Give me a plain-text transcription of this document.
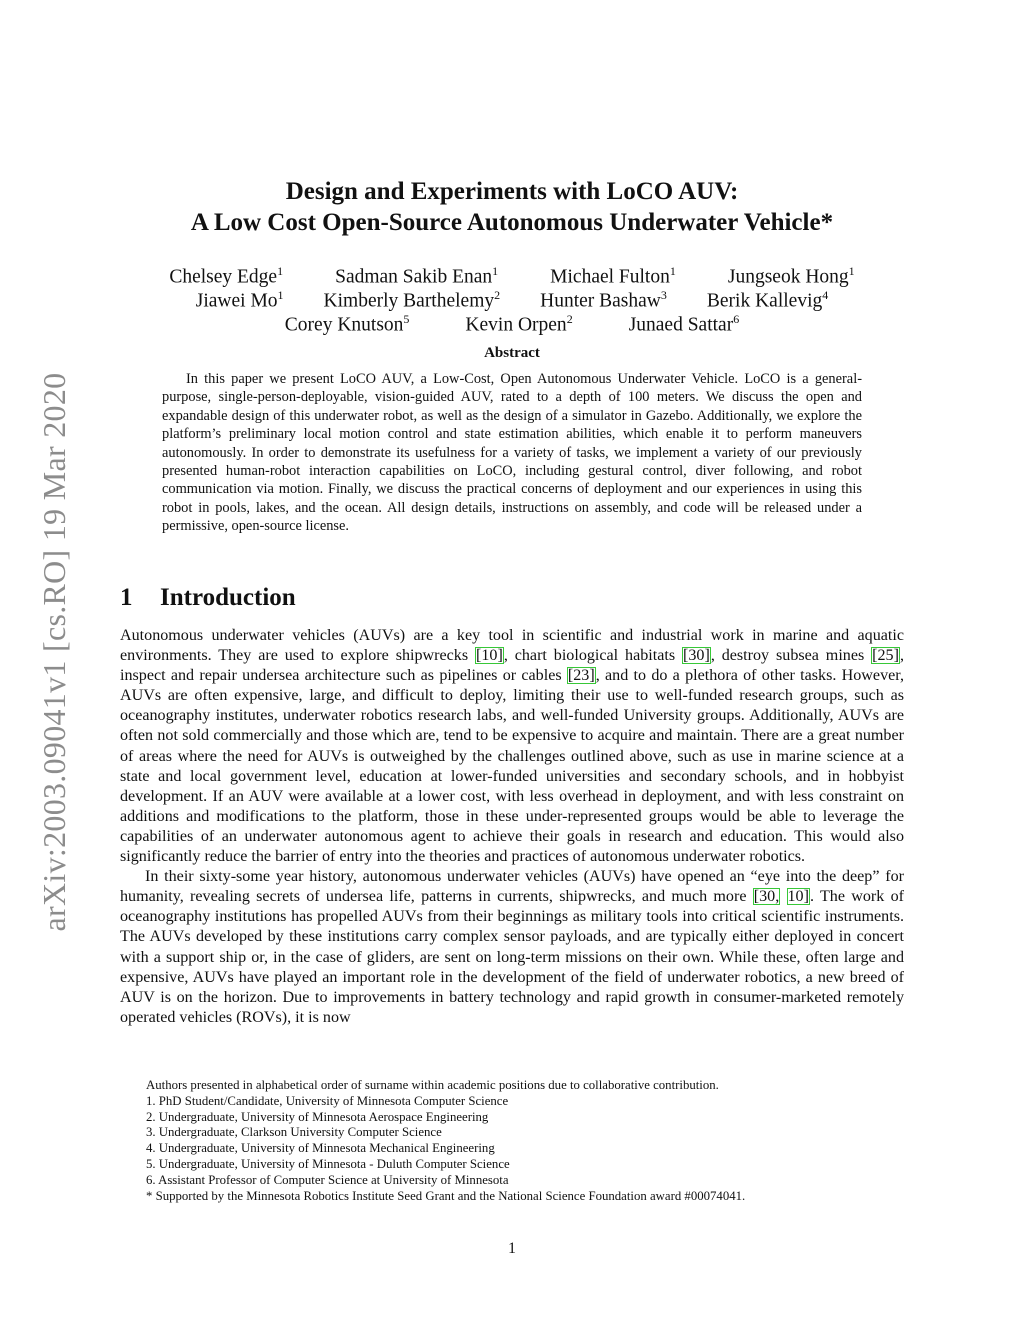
arXiv:2003.09041v1 [cs.RO] 19 Mar 2020
Design and Experiments with LoCO AUV:
A Low Cost Open-Source Autonomous Underwater Vehicle*
Chelsey Edge$^1$	Sadman Sakib Enan$^1$	Michael Fulton$^1$	Jungseok Hong$^1$
Jiawei Mo$^1$ Kimberly Barthelemy$^2$ Hunter Bashaw$^3$ Berik Kallevig$^4$
Corey Knutson$^5$	Kevin Orpen$^2$	Junaed Sattar$^6$
Abstract
In this paper we present LoCO AUV, a Low-Cost, Open Autonomous Underwater Vehicle. LoCO is a general-purpose, single-person-deployable, vision-guided AUV, rated to a depth of 100 meters. We discuss the open and expandable design of this underwater robot, as well as the design of a simulator in Gazebo. Additionally, we explore the platform’s preliminary local motion control and state estimation abilities, which enable it to perform maneuvers autonomously. In order to demonstrate its usefulness for a variety of tasks, we implement a variety of our previously presented human-robot interaction capabilities on LoCO, including gestural control, diver following, and robot communication via motion. Finally, we discuss the practical concerns of deployment and our experiences in using this robot in pools, lakes, and the ocean. All design details, instructions on assembly, and code will be released under a permissive, open-source license.
1 Introduction

Autonomous underwater vehicles (AUVs) are a key tool in scientific and industrial work in marine and aquatic environments. They are used to explore shipwrecks [10], chart biological habitats [30], destroy subsea mines [25], inspect and repair undersea architecture such as pipelines or cables [23], and to do a plethora of other tasks. However, AUVs are often expensive, large, and difficult to deploy, limiting their use to well-funded research groups, such as oceanography institutes, underwater robotics research labs, and well-funded University groups. Additionally, AUVs are often not sold commercially and those which are, tend to be expensive to acquire and maintain. There are a great number of areas where the need for AUVs is outweighed by the challenges outlined above, such as use in marine science at a state and local government level, education at lower-funded universities and secondary schools, and in hobbyist development. If an AUV were available at a lower cost, with less overhead in deployment, and with less constraint on additions and modifications to the platform, those in these under-represented groups would be able to leverage the capabilities of an underwater autonomous agent to achieve their goals in research and education. This would also significantly reduce the barrier of entry into the theories and practices of autonomous underwater robotics.

In their sixty-some year history, autonomous underwater vehicles (AUVs) have opened an “eye into the deep” for humanity, revealing secrets of undersea life, patterns in currents, shipwrecks, and much more [30, 10]. The work of oceanography institutions has propelled AUVs from their beginnings as military tools into critical scientific instruments. The AUVs developed by these institutions carry complex sensor payloads, and are typically either deployed in concert with a support ship or, in the case of gliders, are sent on long-term missions on their own. While these, often large and expensive, AUVs have played an important role in the development of the field of underwater robotics, a new breed of AUV is on the horizon. Due to improvements in battery technology and rapid growth in consumer-marketed remotely operated vehicles (ROVs), it is now

Authors presented in alphabetical order of surname within academic positions due to collaborative contribution.
1. PhD Student/Candidate, University of Minnesota Computer Science
2. Undergraduate, University of Minnesota Aerospace Engineering
3. Undergraduate, Clarkson University Computer Science
4. Undergraduate, University of Minnesota Mechanical Engineering
5. Undergraduate, University of Minnesota - Duluth Computer Science
6. Assistant Professor of Computer Science at University of Minnesota
* Supported by the Minnesota Robotics Institute Seed Grant and the National Science Foundation award #00074041.
1
